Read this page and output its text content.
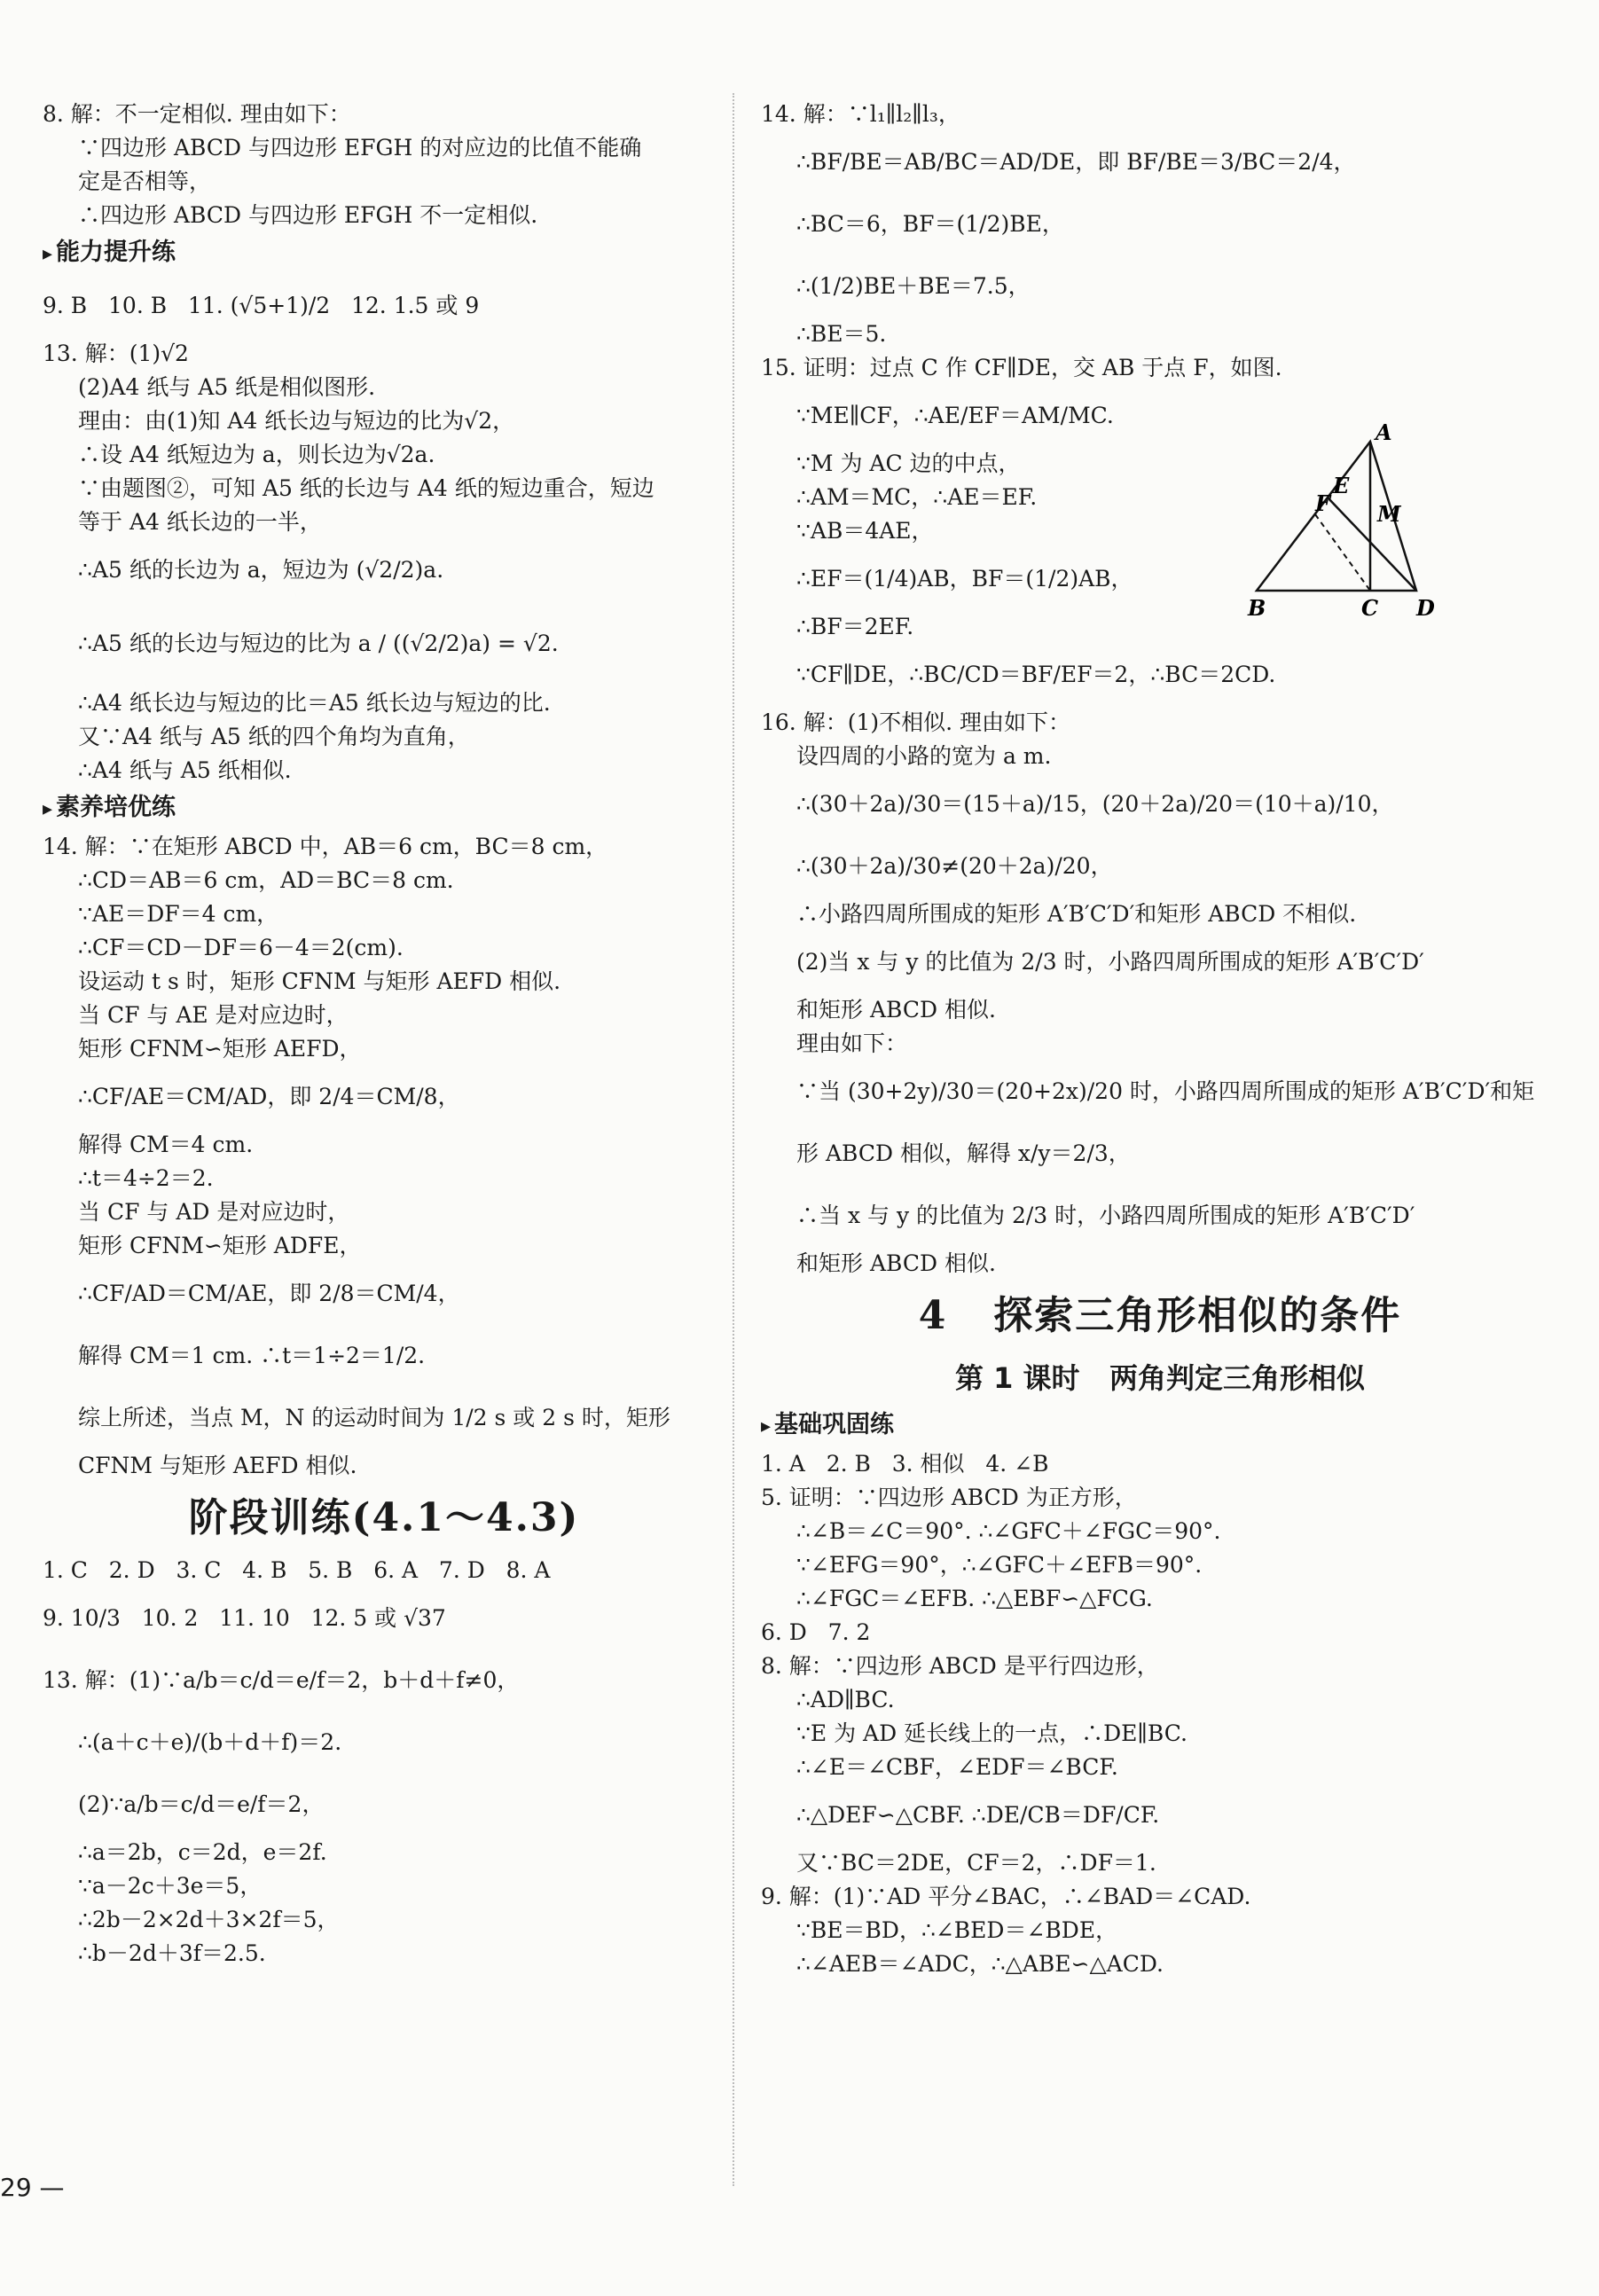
8. 解：不一定相似. 理由如下：
∵四边形 ABCD 与四边形 EFGH 的对应边的比值不能确
定是否相等，
∴四边形 ABCD 与四边形 EFGH 不一定相似.
▸ 能力提升练
9. B   10. B   11. (√5+1)/2   12. 1.5 或 9
13. 解：(1)√2
(2)A4 纸与 A5 纸是相似图形.
理由：由(1)知 A4 纸长边与短边的比为√2，
∴设 A4 纸短边为 a，则长边为√2a.
∵由题图②，可知 A5 纸的长边与 A4 纸的短边重合，短边
等于 A4 纸长边的一半，
∴A5 纸的长边为 a，短边为 (√2/2)a.
∴A5 纸的长边与短边的比为 a / ((√2/2)a) = √2.
∴A4 纸长边与短边的比＝A5 纸长边与短边的比.
又∵A4 纸与 A5 纸的四个角均为直角，
∴A4 纸与 A5 纸相似.
▸ 素养培优练
14. 解：∵在矩形 ABCD 中，AB＝6 cm，BC＝8 cm，
∴CD＝AB＝6 cm，AD＝BC＝8 cm.
∵AE＝DF＝4 cm，
∴CF＝CD－DF＝6－4＝2(cm).
设运动 t s 时，矩形 CFNM 与矩形 AEFD 相似.
当 CF 与 AE 是对应边时，
矩形 CFNM∽矩形 AEFD，
∴CF/AE＝CM/AD，即 2/4＝CM/8，
解得 CM＝4 cm.
∴t＝4÷2＝2.
当 CF 与 AD 是对应边时，
矩形 CFNM∽矩形 ADFE，
∴CF/AD＝CM/AE，即 2/8＝CM/4，
解得 CM＝1 cm. ∴t＝1÷2＝1/2.
综上所述，当点 M，N 的运动时间为 1/2 s 或 2 s 时，矩形
CFNM 与矩形 AEFD 相似.
阶段训练(4.1～4.3)
1. C   2. D   3. C   4. B   5. B   6. A   7. D   8. A
9. 10/3   10. 2   11. 10   12. 5 或 √37
13. 解：(1)∵a/b＝c/d＝e/f＝2，b＋d＋f≠0，
∴(a＋c＋e)/(b＋d＋f)＝2.
(2)∵a/b＝c/d＝e/f＝2，
∴a＝2b，c＝2d，e＝2f.
∵a－2c＋3e＝5，
∴2b－2×2d＋3×2f＝5，
∴b－2d＋3f＝2.5.
14. 解：∵l₁∥l₂∥l₃，
∴BF/BE＝AB/BC＝AD/DE，即 BF/BE＝3/BC＝2/4，
∴BC＝6，BF＝(1/2)BE，
∴(1/2)BE＋BE＝7.5，
∴BE＝5.
15. 证明：过点 C 作 CF∥DE，交 AB 于点 F，如图.
∵ME∥CF，∴AE/EF＝AM/MC.
∵M 为 AC 边的中点，
∴AM＝MC，∴AE＝EF.
∵AB＝4AE，
∴EF＝(1/4)AB，BF＝(1/2)AB，
∴BF＝2EF.
∵CF∥DE，∴BC/CD＝BF/EF＝2，∴BC＝2CD.
16. 解：(1)不相似. 理由如下：
设四周的小路的宽为 a m.
∴(30＋2a)/30＝(15＋a)/15，(20＋2a)/20＝(10＋a)/10，
∴(30＋2a)/30≠(20＋2a)/20，
∴小路四周所围成的矩形 A′B′C′D′和矩形 ABCD 不相似.
(2)当 x 与 y 的比值为 2/3 时，小路四周所围成的矩形 A′B′C′D′
和矩形 ABCD 相似.
理由如下：
∵当 (30+2y)/30＝(20+2x)/20 时，小路四周所围成的矩形 A′B′C′D′和矩
形 ABCD 相似，解得 x/y＝2/3，
∴当 x 与 y 的比值为 2/3 时，小路四周所围成的矩形 A′B′C′D′
和矩形 ABCD 相似.
4   探索三角形相似的条件
第 1 课时   两角判定三角形相似
▸ 基础巩固练
1. A   2. B   3. 相似   4. ∠B
5. 证明：∵四边形 ABCD 为正方形，
∴∠B＝∠C＝90°. ∴∠GFC＋∠FGC＝90°.
∵∠EFG＝90°，∴∠GFC＋∠EFB＝90°.
∴∠FGC＝∠EFB. ∴△EBF∽△FCG.
6. D   7. 2
8. 解：∵四边形 ABCD 是平行四边形，
∴AD∥BC.
∵E 为 AD 延长线上的一点，∴DE∥BC.
∴∠E＝∠CBF，∠EDF＝∠BCF.
∴△DEF∽△CBF. ∴DE/CB＝DF/CF.
又∵BC＝2DE，CF＝2，∴DF＝1.
9. 解：(1)∵AD 平分∠BAC，∴∠BAD＝∠CAD.
∵BE＝BD，∴∠BED＝∠BDE，
∴∠AEB＝∠ADC，∴△ABE∽△ACD.
A
E
F M
B	C D
29 —
